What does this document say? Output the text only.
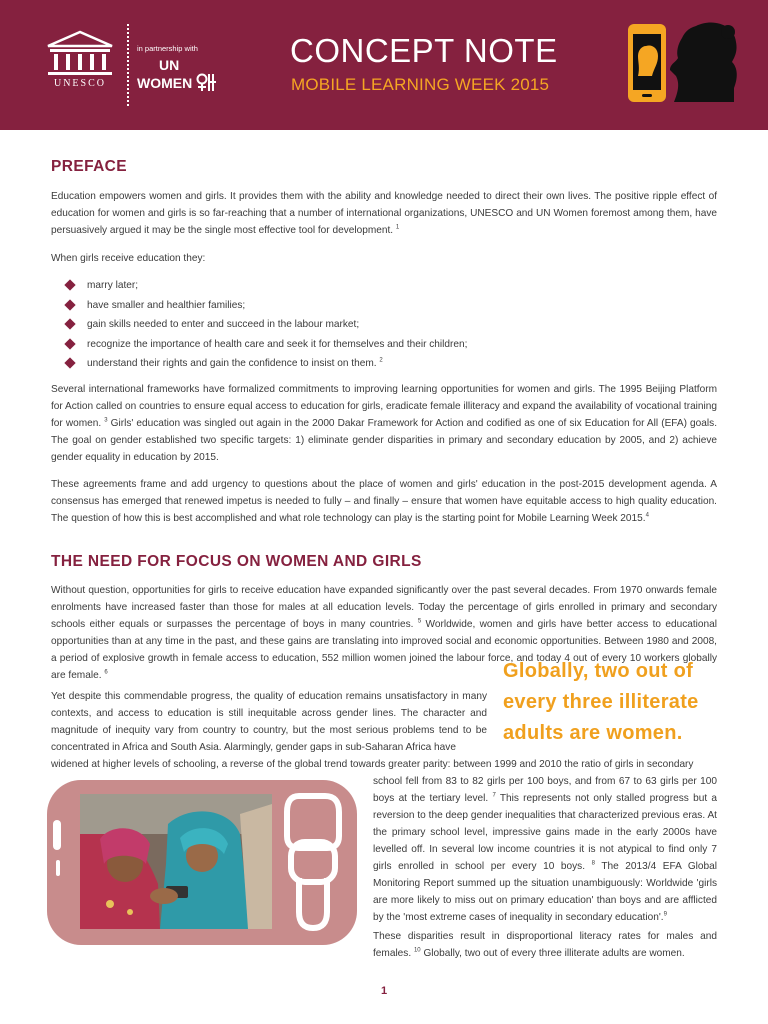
UNESCO
in partnership with
UN
WOMEN
CONCEPT NOTE
MOBILE LEARNING WEEK 2015
PREFACE

Education empowers women and girls. It provides them with the ability and knowledge needed to direct their own lives. The positive ripple effect of education for women and girls is so far-reaching that a number of international organizations, UNESCO and UN Women foremost among them, have persuasively argued it may be the single most effective tool for development. $^1$

When girls receive education they:

marry later;
have smaller and healthier families;
gain skills needed to enter and succeed in the labour market;
recognize the importance of health care and seek it for themselves and their children;
understand their rights and gain the confidence to insist on them. $^2$

Several international frameworks have formalized commitments to improving learning opportunities for women and girls. The 1995 Beijing Platform for Action called on countries to ensure equal access to education for girls, eradicate female illiteracy and expand the availability of vocational training for women. $^3$ Girls' education was singled out again in the 2000 Dakar Framework for Action and codified as one of six Education for All (EFA) goals. The goal on gender established two specific targets: 1) eliminate gender disparities in primary and secondary education by 2005, and 2) achieve gender equality in education by 2015.

These agreements frame and add urgency to questions about the place of women and girls' education in the post-2015 development agenda. A consensus has emerged that renewed impetus is needed to fully – and finally – ensure that women have equitable access to high quality education. The question of how this is best accomplished and what role technology can play is the starting point for Mobile Learning Week 2015.$^4$

THE NEED FOR FOCUS ON WOMEN AND GIRLS

Without question, opportunities for girls to receive education have expanded significantly over the past several decades. From 1970 onwards female enrolments have increased faster than those for males at all education levels. Today the percentage of girls enrolled in primary and secondary schools either equals or surpasses the percentage of boys in many countries. $^5$ Worldwide, women and girls have better access to educational opportunities than at any time in the past, and these gains are translating into improved social and economic opportunities. Between 1980 and 2008, a period of explosive growth in female access to education, 552 million women joined the labour force, and today 4 out of every 10 workers globally are female. $^6$	Globally, two out of
every three illiterate
adults are women.

Yet despite this commendable progress, the quality of education remains unsatisfactory in many contexts, and access to education is still inequitable across gender lines. The character and magnitude of inequity vary from country to country, but the most serious problems tend to be concentrated in Africa and South Asia. Alarmingly, gender gaps in sub-Saharan Africa have

widened at higher levels of schooling, a reverse of the global trend towards greater parity: between 1999 and 2010 the ratio of girls in secondary

school fell from 83 to 82 girls per 100 boys, and from 67 to 63 girls per 100 boys at the tertiary level. $^7$ This represents not only stalled progress but a reversion to the deep gender inequalities that characterized previous eras. At the primary school level, impressive gains made in the early 2000s have levelled off. In several low income countries it is not atypical to find only 7 girls enrolled in school per every 10 boys. $^8$ The 2013/4 EFA Global Monitoring Report summed up the situation unambiguously: Worldwide 'girls are more likely to miss out on primary education' than boys and are afflicted by the 'most extreme cases of inequality in secondary education'.$^9$

These disparities result in disproportional literacy rates for males and females. $^{10}$ Globally, two out of every three illiterate adults are women.

1
